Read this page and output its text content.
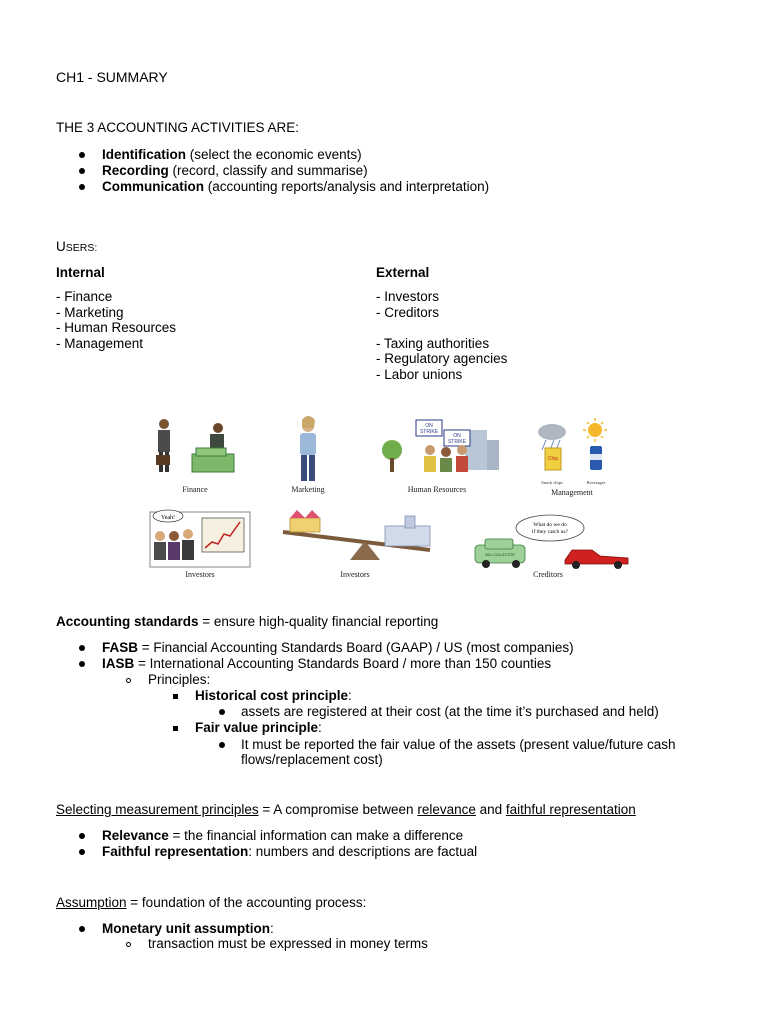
CH1 - SUMMARY
THE 3 ACCOUNTING ACTIVITIES ARE:
Identification (select the economic events)
Recording (record, classify and summarise)
Communication (accounting reports/analysis and interpretation)
USERS:
Internal
- Finance
- Marketing
- Human Resources
- Management
External
- Investors
- Creditors
- Taxing authorities
- Regulatory agencies
- Labor unions
Finance	Marketing
ON
STRIKE
ON
STRIKE
Human Resources
Chip
Snack chips	Beverages
Management
Yeah!
Investors	Investors
What do we do
if they catch us?
BILL COLLECTOR
Creditors
Accounting standards = ensure high-quality financial reporting
FASB = Financial Accounting Standards Board (GAAP) / US (most companies)
IASB = International Accounting Standards Board / more than 150 counties
Principles:
Historical cost principle:
assets are registered at their cost (at the time it’s purchased and held)
Fair value principle:
It must be reported the fair value of the assets (present value/future cash
flows/replacement cost)
Selecting measurement principles = A compromise between relevance and faithful representation
Relevance = the financial information can make a difference
Faithful representation: numbers and descriptions are factual
Assumption = foundation of the accounting process:
Monetary unit assumption:
transaction must be expressed in money terms
